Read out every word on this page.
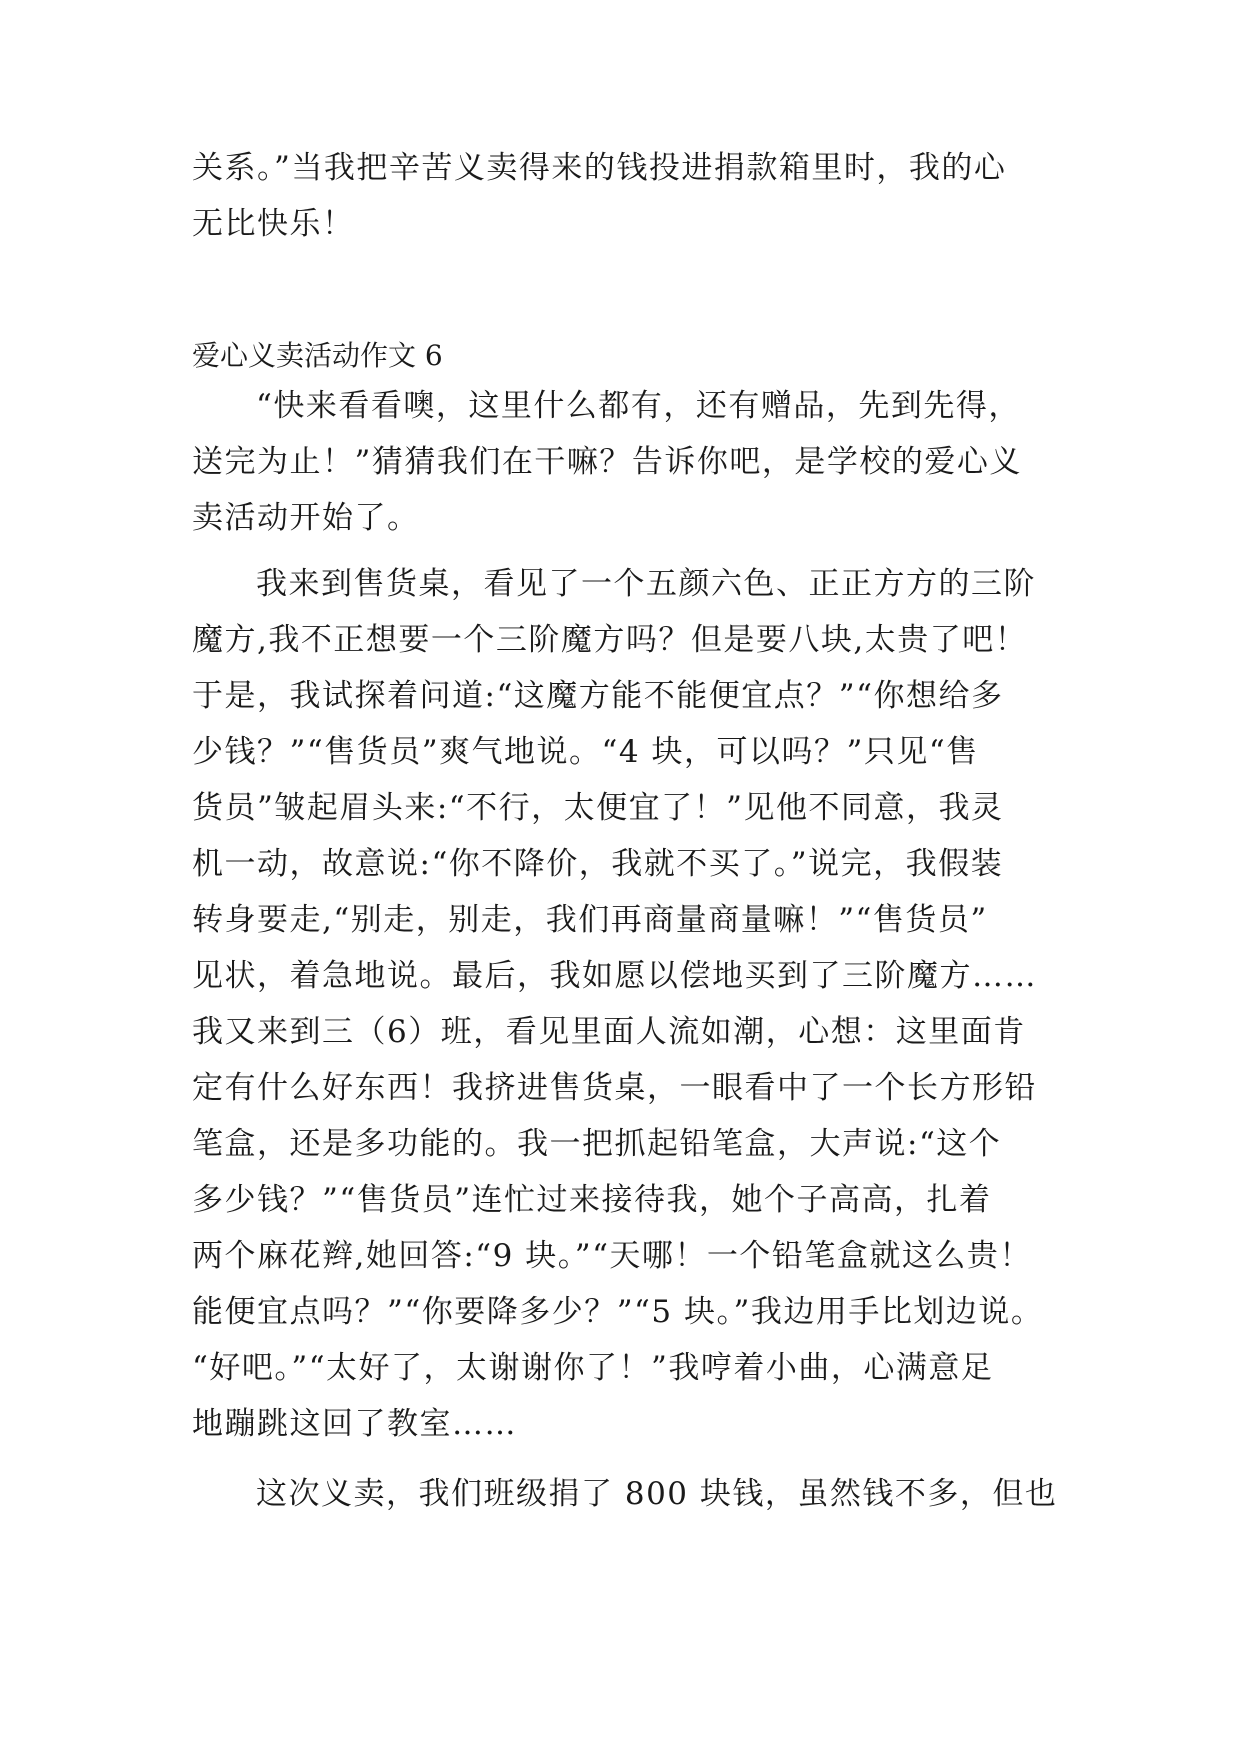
关系。”当我把辛苦义卖得来的钱投进捐款箱里时，我的心
无比快乐！
爱心义卖活动作文 6
“快来看看噢，这里什么都有，还有赠品，先到先得，
送完为止！”猜猜我们在干嘛？告诉你吧，是学校的爱心义
卖活动开始了。
我来到售货桌，看见了一个五颜六色、正正方方的三阶
魔方,我不正想要一个三阶魔方吗？但是要八块,太贵了吧！
于是，我试探着问道:“这魔方能不能便宜点？”“你想给多
少钱？”“售货员”爽气地说。“4 块，可以吗？”只见“售
货员”皱起眉头来:“不行，太便宜了！”见他不同意，我灵
机一动，故意说:“你不降价，我就不买了。”说完，我假装
转身要走,“别走，别走，我们再商量商量嘛！”“售货员”
见状，着急地说。最后，我如愿以偿地买到了三阶魔方……
我又来到三（6）班，看见里面人流如潮，心想：这里面肯
定有什么好东西！我挤进售货桌，一眼看中了一个长方形铅
笔盒，还是多功能的。我一把抓起铅笔盒，大声说:“这个
多少钱？”“售货员”连忙过来接待我，她个子高高，扎着
两个麻花辫,她回答:“9 块。”“天哪！一个铅笔盒就这么贵！
能便宜点吗？”“你要降多少？”“5 块。”我边用手比划边说。
“好吧。”“太好了，太谢谢你了！”我哼着小曲，心满意足
地蹦跳这回了教室……
这次义卖，我们班级捐了 800 块钱，虽然钱不多，但也
